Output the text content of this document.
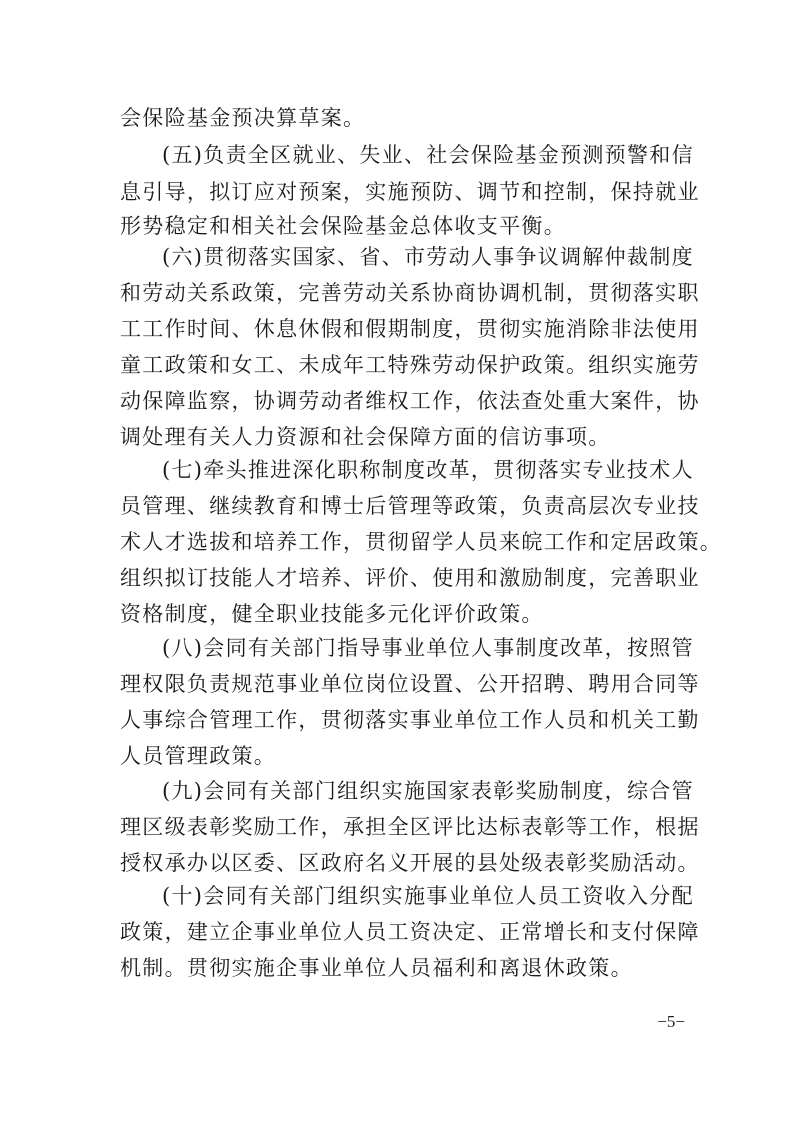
会保险基金预决算草案。
(五)负责全区就业、失业、社会保险基金预测预警和信
息引导，拟订应对预案，实施预防、调节和控制，保持就业
形势稳定和相关社会保险基金总体收支平衡。
(六)贯彻落实国家、省、市劳动人事争议调解仲裁制度
和劳动关系政策，完善劳动关系协商协调机制，贯彻落实职
工工作时间、休息休假和假期制度，贯彻实施消除非法使用
童工政策和女工、未成年工特殊劳动保护政策。组织实施劳
动保障监察，协调劳动者维权工作，依法查处重大案件，协
调处理有关人力资源和社会保障方面的信访事项。
(七)牵头推进深化职称制度改革，贯彻落实专业技术人
员管理、继续教育和博士后管理等政策，负责高层次专业技
术人才选拔和培养工作，贯彻留学人员来皖工作和定居政策。
组织拟订技能人才培养、评价、使用和激励制度，完善职业
资格制度，健全职业技能多元化评价政策。
(八)会同有关部门指导事业单位人事制度改革，按照管
理权限负责规范事业单位岗位设置、公开招聘、聘用合同等
人事综合管理工作，贯彻落实事业单位工作人员和机关工勤
人员管理政策。
(九)会同有关部门组织实施国家表彰奖励制度，综合管
理区级表彰奖励工作，承担全区评比达标表彰等工作，根据
授权承办以区委、区政府名义开展的县处级表彰奖励活动。
(十)会同有关部门组织实施事业单位人员工资收入分配
政策，建立企事业单位人员工资决定、正常增长和支付保障
机制。贯彻实施企事业单位人员福利和离退休政策。
−5−
